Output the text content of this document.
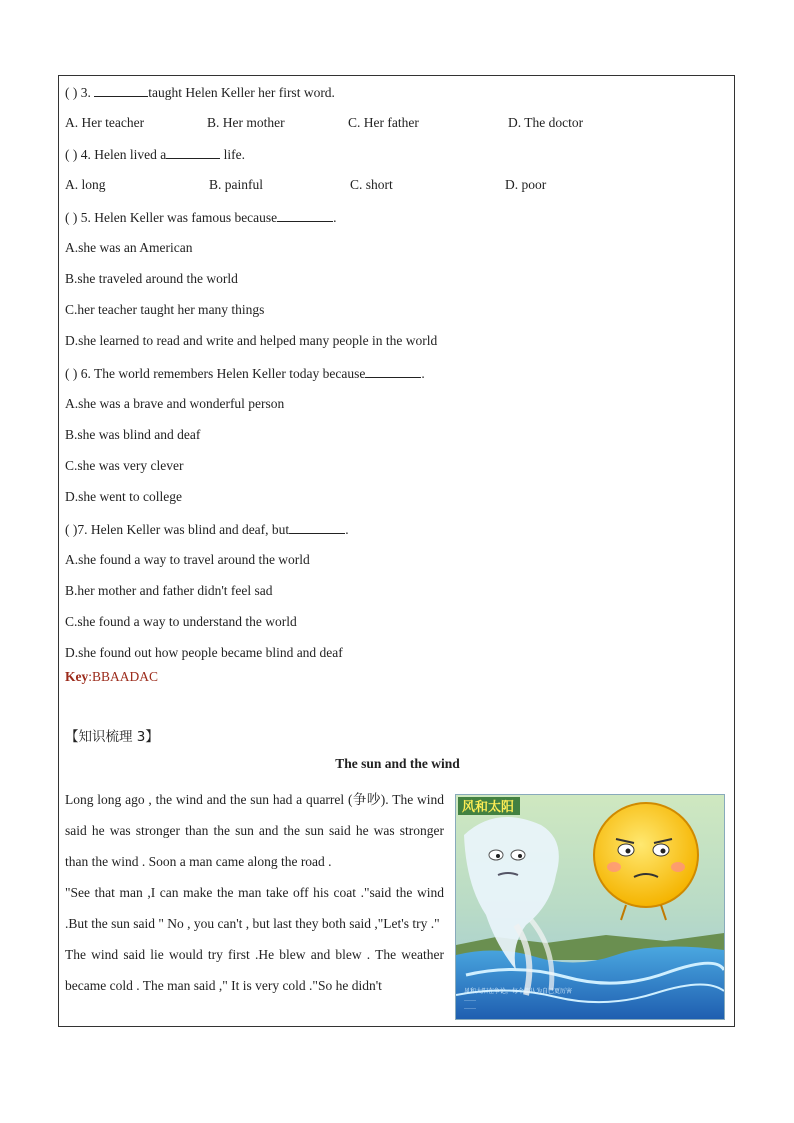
( ) 3.	taught Helen Keller her first word.
A. Her teacher	B. Her mother	C. Her father	D. The doctor
( ) 4. Helen lived a	life.
A. long	B. painful	C. short	D. poor
( ) 5. Helen Keller was famous because	.
A.she was an American
B.she traveled around the world
C.her teacher taught her many things
D.she learned to read and write and helped many people in the world
( ) 6. The world remembers Helen Keller today because	.
A.she was a brave and wonderful person
B.she was blind and deaf
C.she was very clever
D.she went to college
( )7. Helen Keller was blind and deaf, but	.
A.she found a way to travel around the world
B.her mother and father didn't feel sad
C.she found a way to understand the world
D.she found out how people became blind and deaf
Key:BBAADAC
【知识梳理 3】
The sun and the wind

Long long ago , the wind and the sun had a quarrel (争吵). The wind said he was stronger than the sun and the sun said he was stronger than the wind . Soon a man came along the road .

"See that man ,I can make the man take off his coat ."said the wind .But the sun said " No , you can't , but last they both said ,"Let's try ."

The wind said lie would try first .He blew and blew . The weather became cold . The man said ," It is very cold ."So he didn't

风和太阳
风和太阳在争论，每个都认为自己更厉害
……
……
